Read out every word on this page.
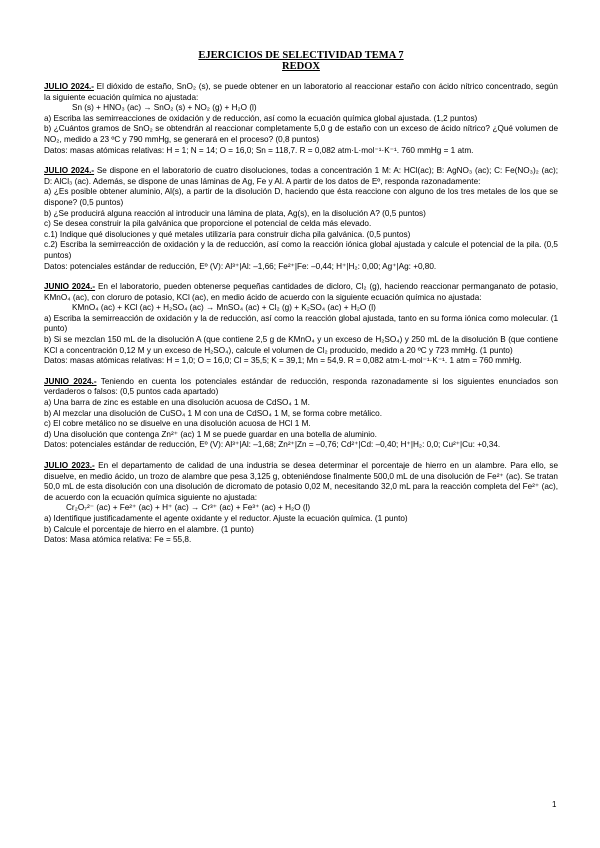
EJERCICIOS DE SELECTIVIDAD TEMA 7
REDOX

JULIO 2024.- El dióxido de estaño, SnO₂ (s), se puede obtener en un laboratorio al reaccionar estaño con ácido nítrico concentrado, según la siguiente ecuación química no ajustada:

Sn (s) + HNO₃ (ac) → SnO₂ (s) + NO₂ (g) + H₂O (l)

a) Escriba las semirreacciones de oxidación y de reducción, así como la ecuación química global ajustada. (1,2 puntos)

b) ¿Cuántos gramos de SnO₂ se obtendrán al reaccionar completamente 5,0 g de estaño con un exceso de ácido nítrico? ¿Qué volumen de NO₂, medido a 23 ºC y 790 mmHg, se generará en el proceso? (0,8 puntos)

Datos: masas atómicas relativas: H = 1; N = 14; O = 16,0; Sn = 118,7. R = 0,082 atm·L·mol⁻¹·K⁻¹. 760 mmHg = 1 atm.

JULIO 2024.- Se dispone en el laboratorio de cuatro disoluciones, todas a concentración 1 M: A: HCl(ac); B: AgNO₃ (ac); C: Fe(NO₃)₂ (ac); D: AlCl₃ (ac). Además, se dispone de unas láminas de Ag, Fe y Al. A partir de los datos de Eº, responda razonadamente:

a) ¿Es posible obtener aluminio, Al(s), a partir de la disolución D, haciendo que ésta reaccione con alguno de los tres metales de los que se dispone? (0,5 puntos)

b) ¿Se producirá alguna reacción al introducir una lámina de plata, Ag(s), en la disolución A? (0,5 puntos)

c) Se desea construir la pila galvánica que proporcione el potencial de celda más elevado.

c.1) Indique qué disoluciones y qué metales utilizaría para construir dicha pila galvánica. (0,5 puntos)

c.2) Escriba la semirreacción de oxidación y la de reducción, así como la reacción iónica global ajustada y calcule el potencial de la pila. (0,5 puntos)

Datos: potenciales estándar de reducción, Eº (V): Al³⁺|Al: –1,66; Fe²⁺|Fe: –0,44; H⁺|H₂: 0,00; Ag⁺|Ag: +0,80.

JUNIO 2024.- En el laboratorio, pueden obtenerse pequeñas cantidades de dicloro, Cl₂ (g), haciendo reaccionar permanganato de potasio, KMnO₄ (ac), con cloruro de potasio, KCl (ac), en medio ácido de acuerdo con la siguiente ecuación química no ajustada:

KMnO₄ (ac) + KCl (ac) + H₂SO₄ (ac) → MnSO₄ (ac) + Cl₂ (g) + K₂SO₄ (ac) + H₂O (l)

a) Escriba la semirreacción de oxidación y la de reducción, así como la reacción global ajustada, tanto en su forma iónica como molecular. (1 punto)

b) Si se mezclan 150 mL de la disolución A (que contiene 2,5 g de KMnO₄ y un exceso de H₂SO₄) y 250 mL de la disolución B (que contiene KCl a concentración 0,12 M y un exceso de H₂SO₄), calcule el volumen de Cl₂ producido, medido a 20 ºC y 723 mmHg. (1 punto)

Datos: masas atómicas relativas: H = 1,0; O = 16,0; Cl = 35,5; K = 39,1; Mn = 54,9. R = 0,082 atm·L·mol⁻¹·K⁻¹. 1 atm = 760 mmHg.

JUNIO 2024.- Teniendo en cuenta los potenciales estándar de reducción, responda razonadamente si los siguientes enunciados son verdaderos o falsos: (0,5 puntos cada apartado)

a) Una barra de zinc es estable en una disolución acuosa de CdSO₄ 1 M.

b) Al mezclar una disolución de CuSO₄ 1 M con una de CdSO₄ 1 M, se forma cobre metálico.

c) El cobre metálico no se disuelve en una disolución acuosa de HCl 1 M.

d) Una disolución que contenga Zn²⁺ (ac) 1 M se puede guardar en una botella de aluminio.

Datos: potenciales estándar de reducción, Eº (V): Al³⁺|Al: –1,68; Zn²⁺|Zn = –0,76; Cd²⁺|Cd: –0,40; H⁺|H₂: 0,0; Cu²⁺|Cu: +0,34.

JULIO 2023.- En el departamento de calidad de una industria se desea determinar el porcentaje de hierro en un alambre. Para ello, se disuelve, en medio ácido, un trozo de alambre que pesa 3,125 g, obteniéndose finalmente 500,0 mL de una disolución de Fe²⁺ (ac). Se tratan 50,0 mL de esta disolución con una disolución de dicromato de potasio 0,02 M, necesitando 32,0 mL para la reacción completa del Fe²⁺ (ac), de acuerdo con la ecuación química siguiente no ajustada:

Cr₂O₇²⁻ (ac) + Fe²⁺ (ac) + H⁺ (ac) → Cr³⁺ (ac) + Fe³⁺ (ac) + H₂O (l)

a) Identifique justificadamente el agente oxidante y el reductor. Ajuste la ecuación química. (1 punto)

b) Calcule el porcentaje de hierro en el alambre. (1 punto)

Datos: Masa atómica relativa: Fe = 55,8.

1
